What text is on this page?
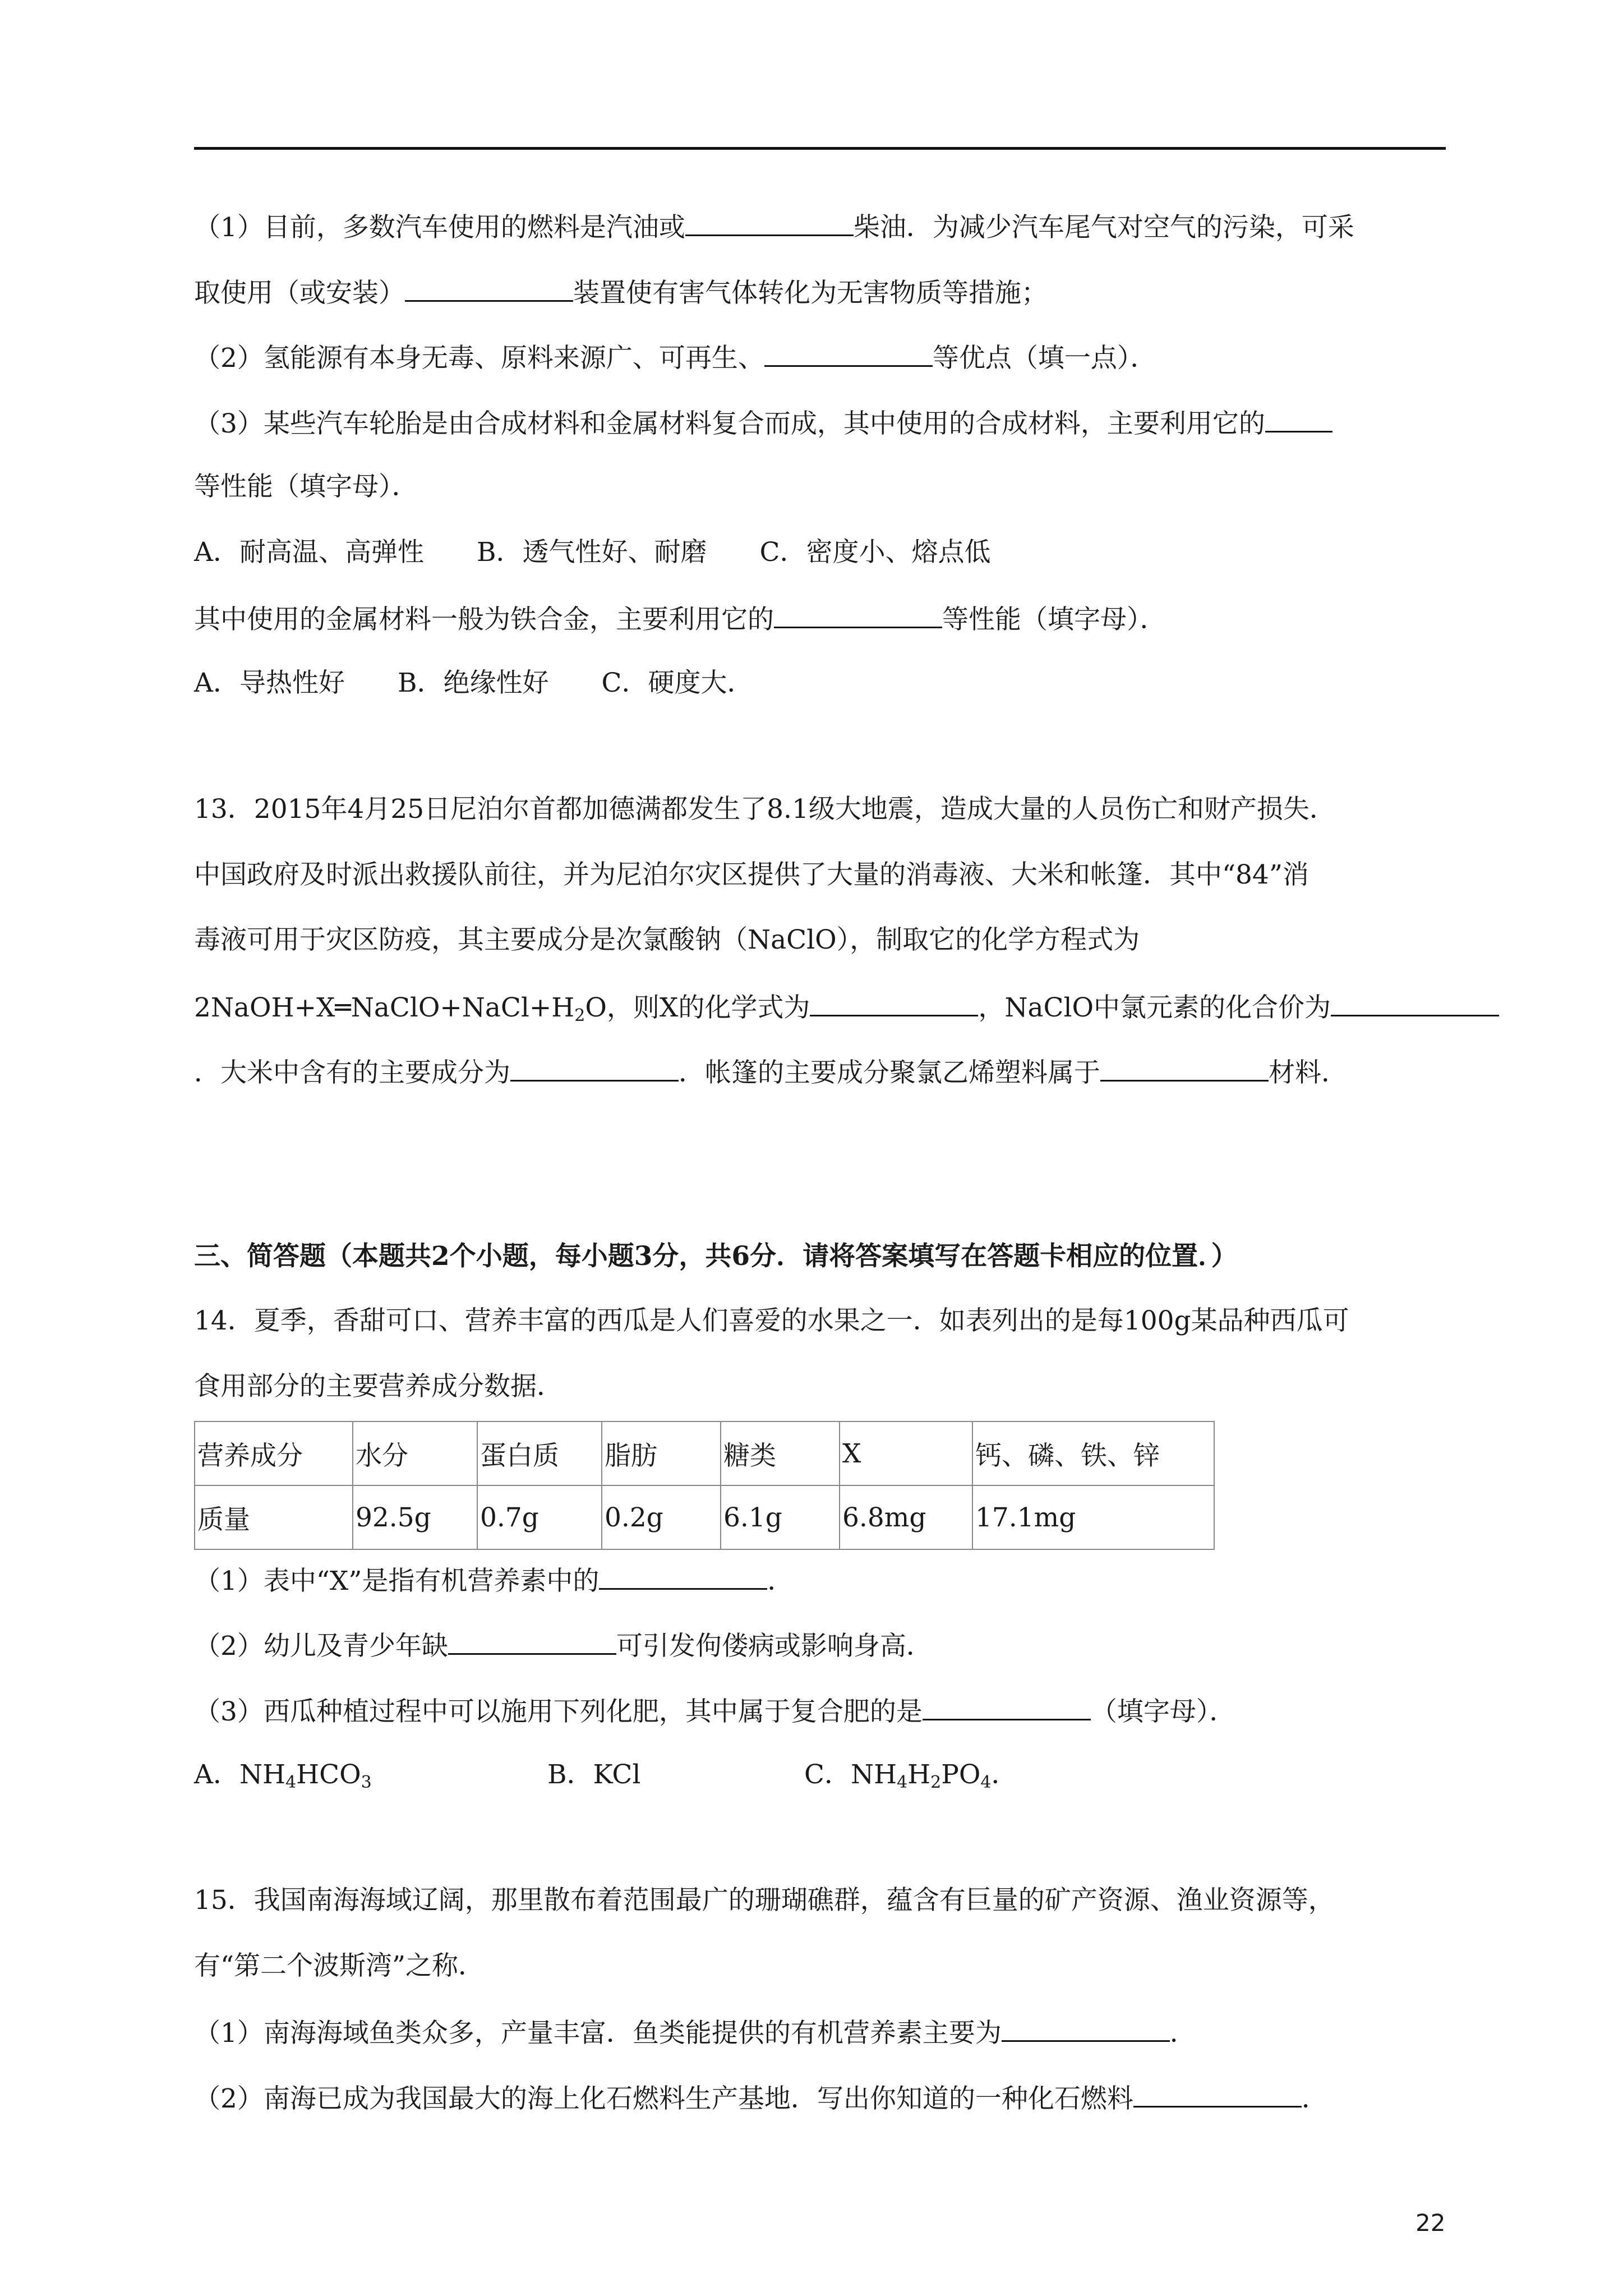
（1）目前，多数汽车使用的燃料是汽油或	柴油．为减少汽车尾气对空气的污染，可采
取使用（或安装）	装置使有害气体转化为无害物质等措施；
（2）氢能源有本身无毒、原料来源广、可再生、	等优点（填一点）．
（3）某些汽车轮胎是由合成材料和金属材料复合而成，其中使用的合成材料，主要利用它的
等性能（填字母）．
A．耐高温、高弹性　　B．透气性好、耐磨　　C．密度小、熔点低
其中使用的金属材料一般为铁合金，主要利用它的	等性能（填字母）．
A．导热性好　　B．绝缘性好　　C．硬度大．
13．2015年4月25日尼泊尔首都加德满都发生了8.1级大地震，造成大量的人员伤亡和财产损失．
中国政府及时派出救援队前往，并为尼泊尔灾区提供了大量的消毒液、大米和帐篷．其中“84”消
毒液可用于灾区防疫，其主要成分是次氯酸钠（NaClO），制取它的化学方程式为
$2NaOH+X═NaClO+NaCl+H_2O$，则X的化学式为	，NaClO中氯元素的化合价为
．大米中含有的主要成分为	．帐篷的主要成分聚氯乙烯塑料属于	材料．
三、简答题（本题共2个小题，每小题3分，共6分．请将答案填写在答题卡相应的位置．）
14．夏季，香甜可口、营养丰富的西瓜是人们喜爱的水果之一．如表列出的是每100g某品种西瓜可
食用部分的主要营养成分数据．
营养成分	水分	蛋白质	脂肪	糖类	X	钙、磷、铁、锌
质量	92.5g	0.7g	0.2g	6.1g	6.8mg	17.1mg
（1）表中“X”是指有机营养素中的	．
（2）幼儿及青少年缺	可引发佝偻病或影响身高．
（3）西瓜种植过程中可以施用下列化肥，其中属于复合肥的是	（填字母）．
A．$NH_4HCO_3$	B．KCl	C．$NH_4H_2PO_4$．
15．我国南海海域辽阔，那里散布着范围最广的珊瑚礁群，蕴含有巨量的矿产资源、渔业资源等，
有“第二个波斯湾”之称．
（1）南海海域鱼类众多，产量丰富．鱼类能提供的有机营养素主要为	．
（2）南海已成为我国最大的海上化石燃料生产基地．写出你知道的一种化石燃料	．
22
